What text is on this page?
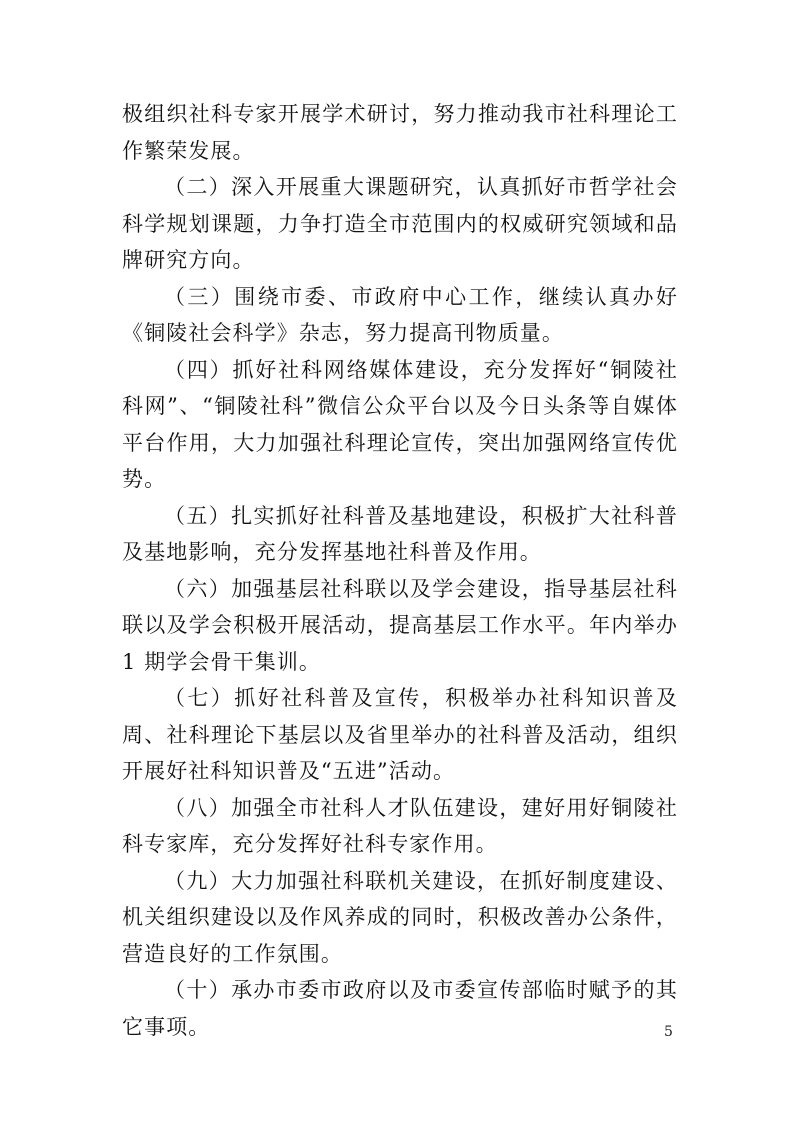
极组织社科专家开展学术研讨，努力推动我市社科理论工作繁荣发展。

（二）深入开展重大课题研究，认真抓好市哲学社会科学规划课题，力争打造全市范围内的权威研究领域和品牌研究方向。

（三）围绕市委、市政府中心工作，继续认真办好《铜陵社会科学》杂志，努力提高刊物质量。

（四）抓好社科网络媒体建设，充分发挥好“铜陵社科网”、“铜陵社科”微信公众平台以及今日头条等自媒体平台作用，大力加强社科理论宣传，突出加强网络宣传优势。

（五）扎实抓好社科普及基地建设，积极扩大社科普及基地影响，充分发挥基地社科普及作用。

（六）加强基层社科联以及学会建设，指导基层社科联以及学会积极开展活动，提高基层工作水平。年内举办 1 期学会骨干集训。

（七）抓好社科普及宣传，积极举办社科知识普及周、社科理论下基层以及省里举办的社科普及活动，组织开展好社科知识普及“五进”活动。

（八）加强全市社科人才队伍建设，建好用好铜陵社科专家库，充分发挥好社科专家作用。

（九）大力加强社科联机关建设，在抓好制度建设、机关组织建设以及作风养成的同时，积极改善办公条件，营造良好的工作氛围。

（十）承办市委市政府以及市委宣传部临时赋予的其它事项。	5
